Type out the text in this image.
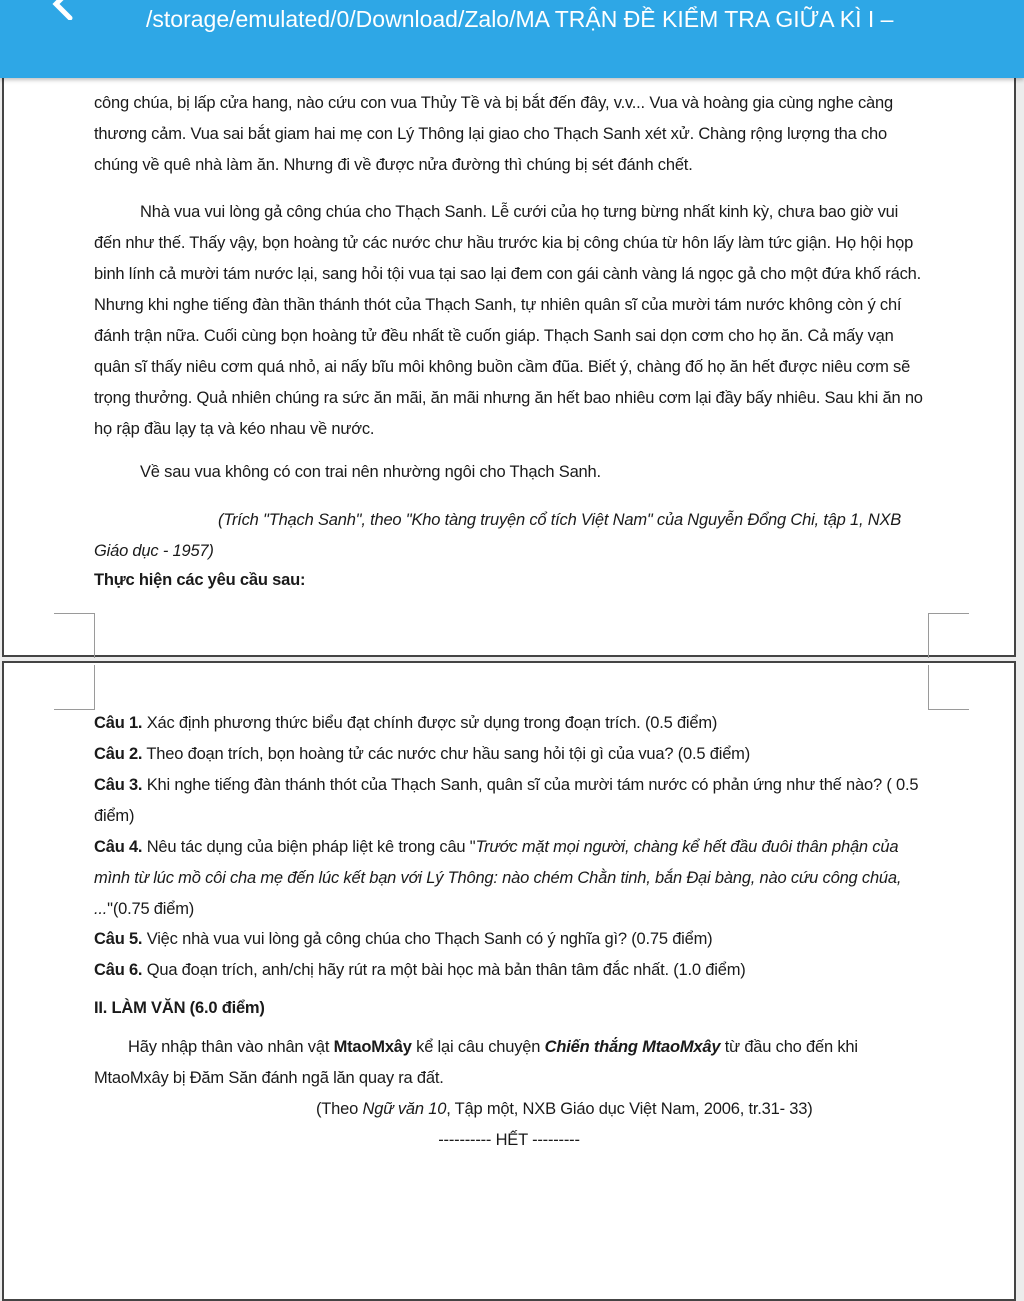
/storage/emulated/0/Download/Zalo/MA TRẬN ĐỀ KIỂM TRA GIỮA KÌ I –

công chúa, bị lấp cửa hang, nào cứu con vua Thủy Tề và bị bắt đến đây, v.v... Vua và hoàng gia cùng nghe càng thương cảm. Vua sai bắt giam hai mẹ con Lý Thông lại giao cho Thạch Sanh xét xử. Chàng rộng lượng tha cho chúng về quê nhà làm ăn. Nhưng đi về được nửa đường thì chúng bị sét đánh chết.

Nhà vua vui lòng gả công chúa cho Thạch Sanh. Lễ cưới của họ tưng bừng nhất kinh kỳ, chưa bao giờ vui đến như thế. Thấy vậy, bọn hoàng tử các nước chư hầu trước kia bị công chúa từ hôn lấy làm tức giận. Họ hội họp binh lính cả mười tám nước lại, sang hỏi tội vua tại sao lại đem con gái cành vàng lá ngọc gả cho một đứa khố rách. Nhưng khi nghe tiếng đàn thần thánh thót của Thạch Sanh, tự nhiên quân sĩ của mười tám nước không còn ý chí đánh trận nữa. Cuối cùng bọn hoàng tử đều nhất tề cuốn giáp. Thạch Sanh sai dọn cơm cho họ ăn. Cả mấy vạn quân sĩ thấy niêu cơm quá nhỏ, ai nấy bĩu môi không buồn cầm đũa. Biết ý, chàng đố họ ăn hết được niêu cơm sẽ trọng thưởng. Quả nhiên chúng ra sức ăn mãi, ăn mãi nhưng ăn hết bao nhiêu cơm lại đầy bấy nhiêu. Sau khi ăn no họ rập đầu lạy tạ và kéo nhau về nước.

Về sau vua không có con trai nên nhường ngôi cho Thạch Sanh.

(Trích "Thạch Sanh", theo "Kho tàng truyện cổ tích Việt Nam" của Nguyễn Đổng Chi, tập 1, NXB Giáo dục - 1957)

Thực hiện các yêu cầu sau:

Câu 1. Xác định phương thức biểu đạt chính được sử dụng trong đoạn trích. (0.5 điểm)

Câu 2. Theo đoạn trích, bọn hoàng tử các nước chư hầu sang hỏi tội gì của vua? (0.5 điểm)

Câu 3. Khi nghe tiếng đàn thánh thót của Thạch Sanh, quân sĩ của mười tám nước có phản ứng như thế nào? ( 0.5 điểm)

Câu 4. Nêu tác dụng của biện pháp liệt kê trong câu "Trước mặt mọi người, chàng kể hết đầu đuôi thân phận của mình từ lúc mồ côi cha mẹ đến lúc kết bạn với Lý Thông: nào chém Chằn tinh, bắn Đại bàng, nào cứu công chúa, ..."(0.75 điểm)

Câu 5. Việc nhà vua vui lòng gả công chúa cho Thạch Sanh có ý nghĩa gì? (0.75 điểm)

Câu 6. Qua đoạn trích, anh/chị hãy rút ra một bài học mà bản thân tâm đắc nhất. (1.0 điểm)

II. LÀM VĂN (6.0 điểm)

Hãy nhập thân vào nhân vật MtaoMxây kể lại câu chuyện Chiến thắng MtaoMxây từ đầu cho đến khi MtaoMxây bị Đăm Săn đánh ngã lăn quay ra đất.

(Theo Ngữ văn 10, Tập một, NXB Giáo dục Việt Nam, 2006, tr.31- 33)

---------- HẾT ---------
